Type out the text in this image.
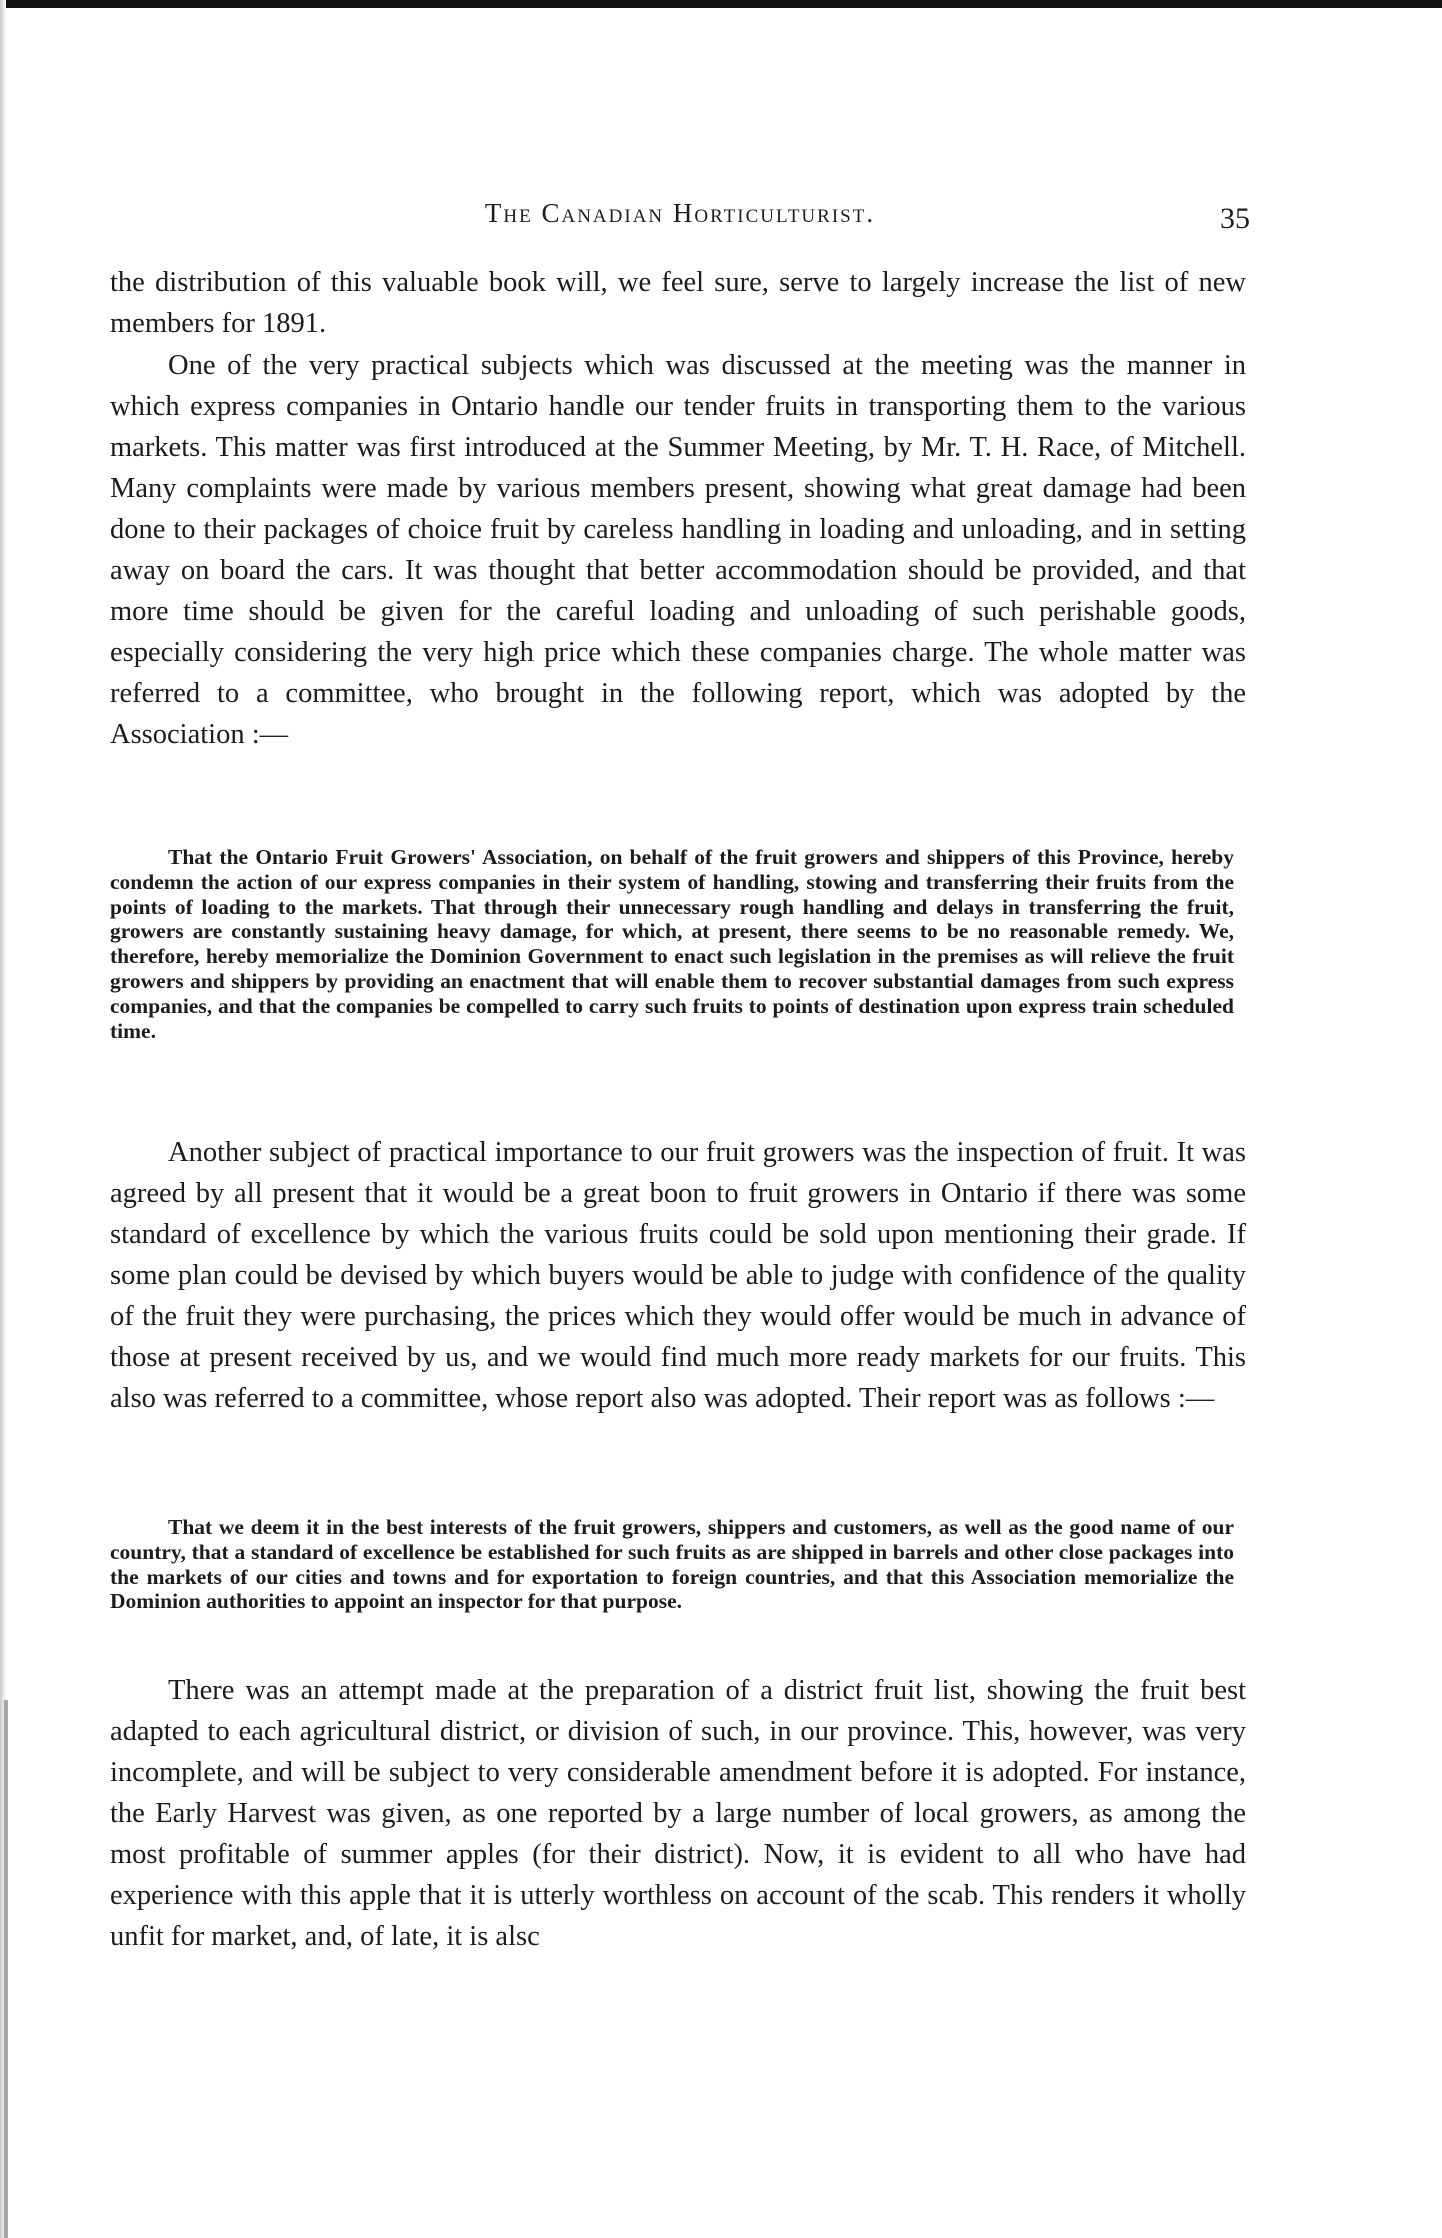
The Canadian Horticulturist.	35

the distribution of this valuable book will, we feel sure, serve to largely increase the list of new members for 1891.

One of the very practical subjects which was discussed at the meeting was the manner in which express companies in Ontario handle our tender fruits in transporting them to the various markets. This matter was first introduced at the Summer Meeting, by Mr. T. H. Race, of Mitchell. Many complaints were made by various members present, showing what great damage had been done to their packages of choice fruit by careless handling in loading and unloading, and in setting away on board the cars. It was thought that better accommodation should be provided, and that more time should be given for the careful loading and unloading of such perishable goods, especially considering the very high price which these companies charge. The whole matter was referred to a committee, who brought in the following report, which was adopted by the Association :—

That the Ontario Fruit Growers' Association, on behalf of the fruit growers and shippers of this Province, hereby condemn the action of our express companies in their system of handling, stowing and transferring their fruits from the points of loading to the markets. That through their unnecessary rough handling and delays in transferring the fruit, growers are constantly sustaining heavy damage, for which, at present, there seems to be no reasonable remedy. We, therefore, hereby memorialize the Dominion Government to enact such legislation in the premises as will relieve the fruit growers and shippers by providing an enactment that will enable them to recover substantial damages from such express companies, and that the companies be compelled to carry such fruits to points of destination upon express train scheduled time.

Another subject of practical importance to our fruit growers was the inspection of fruit. It was agreed by all present that it would be a great boon to fruit growers in Ontario if there was some standard of excellence by which the various fruits could be sold upon mentioning their grade. If some plan could be devised by which buyers would be able to judge with confidence of the quality of the fruit they were purchasing, the prices which they would offer would be much in advance of those at present received by us, and we would find much more ready markets for our fruits. This also was referred to a committee, whose report also was adopted. Their report was as follows :—

That we deem it in the best interests of the fruit growers, shippers and customers, as well as the good name of our country, that a standard of excellence be established for such fruits as are shipped in barrels and other close packages into the markets of our cities and towns and for exportation to foreign countries, and that this Association memorialize the Dominion authorities to appoint an inspector for that purpose.

There was an attempt made at the preparation of a district fruit list, showing the fruit best adapted to each agricultural district, or division of such, in our province. This, however, was very incomplete, and will be subject to very considerable amendment before it is adopted. For instance, the Early Harvest was given, as one reported by a large number of local growers, as among the most profitable of summer apples (for their district). Now, it is evident to all who have had experience with this apple that it is utterly worthless on account of the scab. This renders it wholly unfit for market, and, of late, it is alsc
